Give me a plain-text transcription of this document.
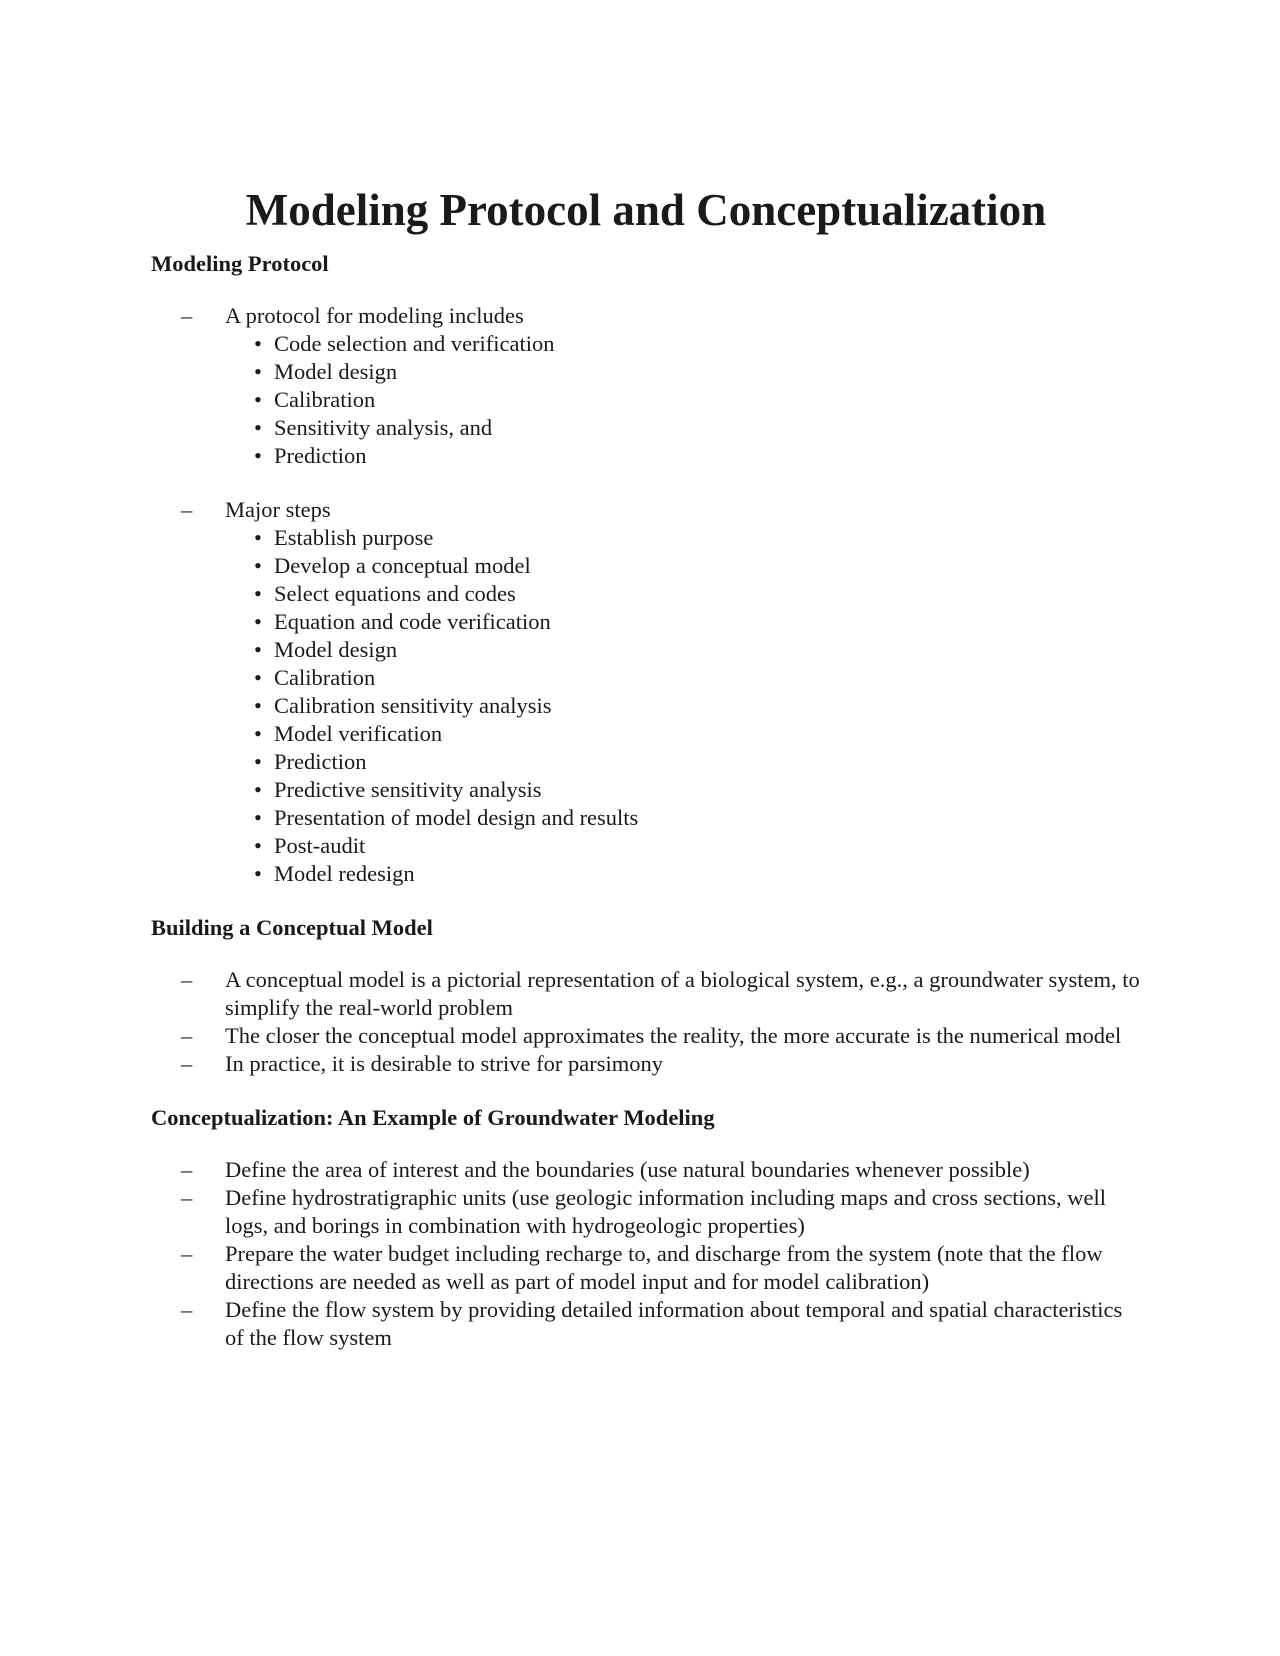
Modeling Protocol and Conceptualization
Modeling Protocol
– A protocol for modeling includes
• Code selection and verification
• Model design
• Calibration
• Sensitivity analysis, and
• Prediction
– Major steps
• Establish purpose
• Develop a conceptual model
• Select equations and codes
• Equation and code verification
• Model design
• Calibration
• Calibration sensitivity analysis
• Model verification
• Prediction
• Predictive sensitivity analysis
• Presentation of model design and results
• Post-audit
• Model redesign
Building a Conceptual Model
– A conceptual model is a pictorial representation of a biological system, e.g., a groundwater system, to simplify the real-world problem
– The closer the conceptual model approximates the reality, the more accurate is the numerical model
– In practice, it is desirable to strive for parsimony
Conceptualization: An Example of Groundwater Modeling
– Define the area of interest and the boundaries (use natural boundaries whenever possible)
– Define hydrostratigraphic units (use geologic information including maps and cross sections, well logs, and borings in combination with hydrogeologic properties)
– Prepare the water budget including recharge to, and discharge from the system (note that the flow directions are needed as well as part of model input and for model calibration)
– Define the flow system by providing detailed information about temporal and spatial characteristics of the flow system
